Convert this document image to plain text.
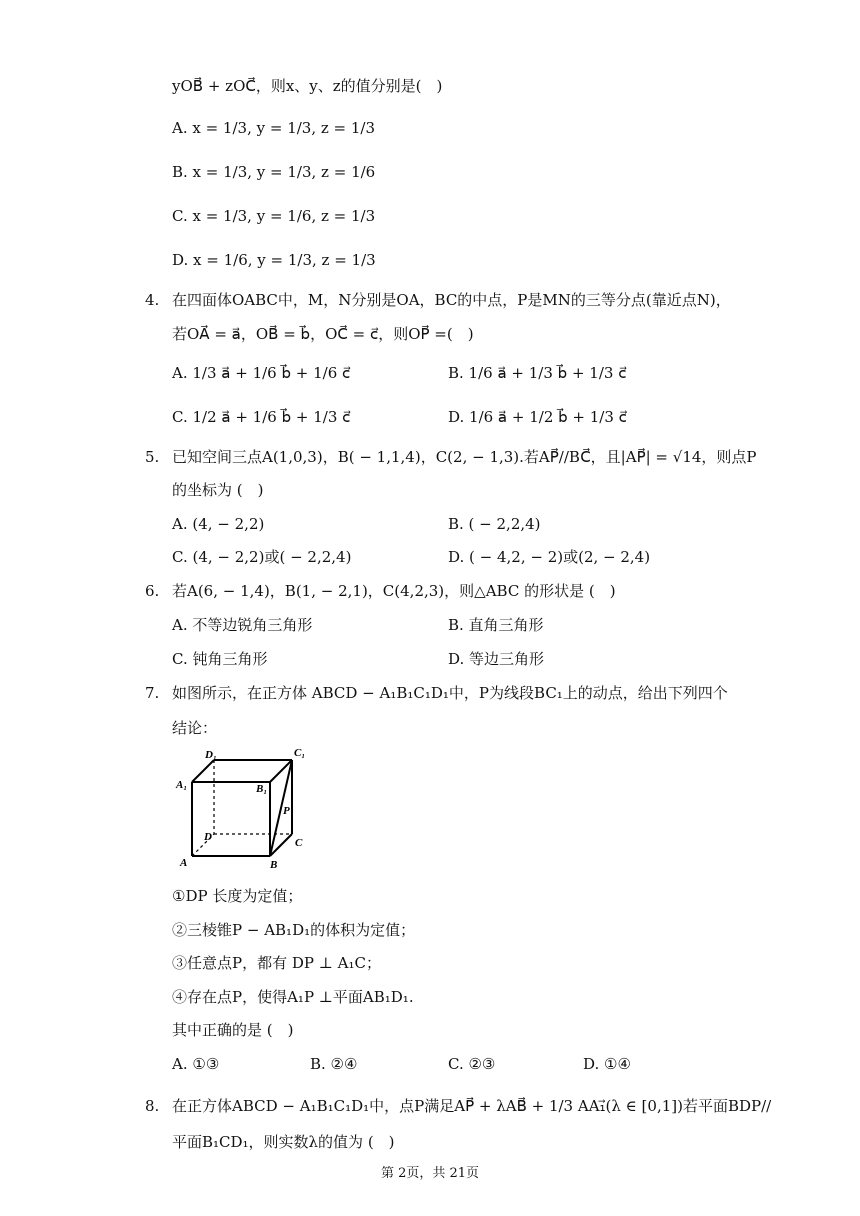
yOB⃗ + zOC⃗，则x、y、z的值分别是(　)
A. x = 1/3, y = 1/3, z = 1/3
B. x = 1/3, y = 1/3, z = 1/6
C. x = 1/3, y = 1/6, z = 1/3
D. x = 1/6, y = 1/3, z = 1/3
4. 在四面体OABC中，M，N分别是OA，BC的中点，P是MN的三等分点(靠近点N)，
若OA⃗ = a⃗，OB⃗ = b⃗，OC⃗ = c⃗，则OP⃗ =(　)
A. 1/3 a⃗ + 1/6 b⃗ + 1/6 c⃗	B. 1/6 a⃗ + 1/3 b⃗ + 1/3 c⃗
C. 1/2 a⃗ + 1/6 b⃗ + 1/3 c⃗	D. 1/6 a⃗ + 1/2 b⃗ + 1/3 c⃗
5. 已知空间三点A(1,0,3)，B( − 1,1,4)，C(2, − 1,3).若AP⃗//BC⃗，且|AP⃗| = √14，则点P
的坐标为 (　)
A. (4, − 2,2)	B. ( − 2,2,4)
C. (4, − 2,2)或( − 2,2,4)	D. ( − 4,2, − 2)或(2, − 2,4)
6. 若A(6, − 1,4)，B(1, − 2,1)，C(4,2,3)，则△ABC 的形状是 (　)
A. 不等边锐角三角形	B. 直角三角形
C. 钝角三角形	D. 等边三角形
7. 如图所示，在正方体 ABCD − A₁B₁C₁D₁中，P为线段BC₁上的动点，给出下列四个
结论：
D₁	C₁
A₁	B₁
P
D	C
A	B
①DP 长度为定值；
②三棱锥P − AB₁D₁的体积为定值；
③任意点P，都有 DP ⊥ A₁C；
④存在点P，使得A₁P ⊥平面AB₁D₁.
其中正确的是 (　)
A. ①③	B. ②④	C. ②③	D. ①④
8. 在正方体ABCD − A₁B₁C₁D₁中，点P满足AP⃗ + λAB⃗ + 1/3 AA₁⃗(λ ∈ [0,1])若平面BDP//
平面B₁CD₁，则实数λ的值为 (　)
第 2页，共 21页
